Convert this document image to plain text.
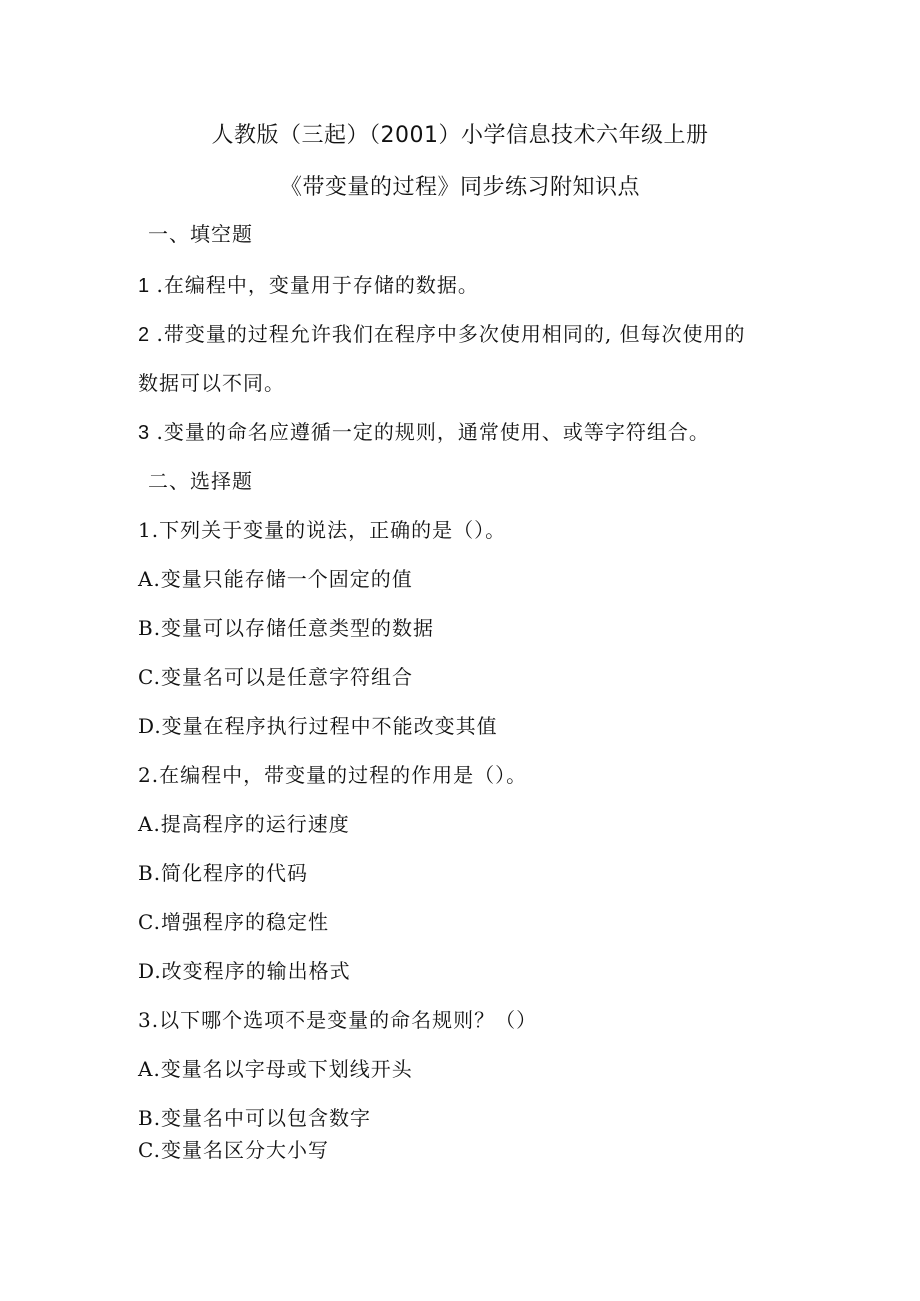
人教版（三起）（2001）小学信息技术六年级上册
《带变量的过程》同步练习附知识点
一、填空题
1 .在编程中，变量用于存储的数据。
2 .带变量的过程允许我们在程序中多次使用相同的, 但每次使用的
数据可以不同。
3 .变量的命名应遵循一定的规则，通常使用、或等字符组合。
二、选择题
1.下列关于变量的说法，正确的是（）。
A.变量只能存储一个固定的值
B.变量可以存储任意类型的数据
C.变量名可以是任意字符组合
D.变量在程序执行过程中不能改变其值
2.在编程中，带变量的过程的作用是（）。
A.提高程序的运行速度
B.简化程序的代码
C.增强程序的稳定性
D.改变程序的输出格式
3.以下哪个选项不是变量的命名规则？（）
A.变量名以字母或下划线开头
B.变量名中可以包含数字
C.变量名区分大小写
